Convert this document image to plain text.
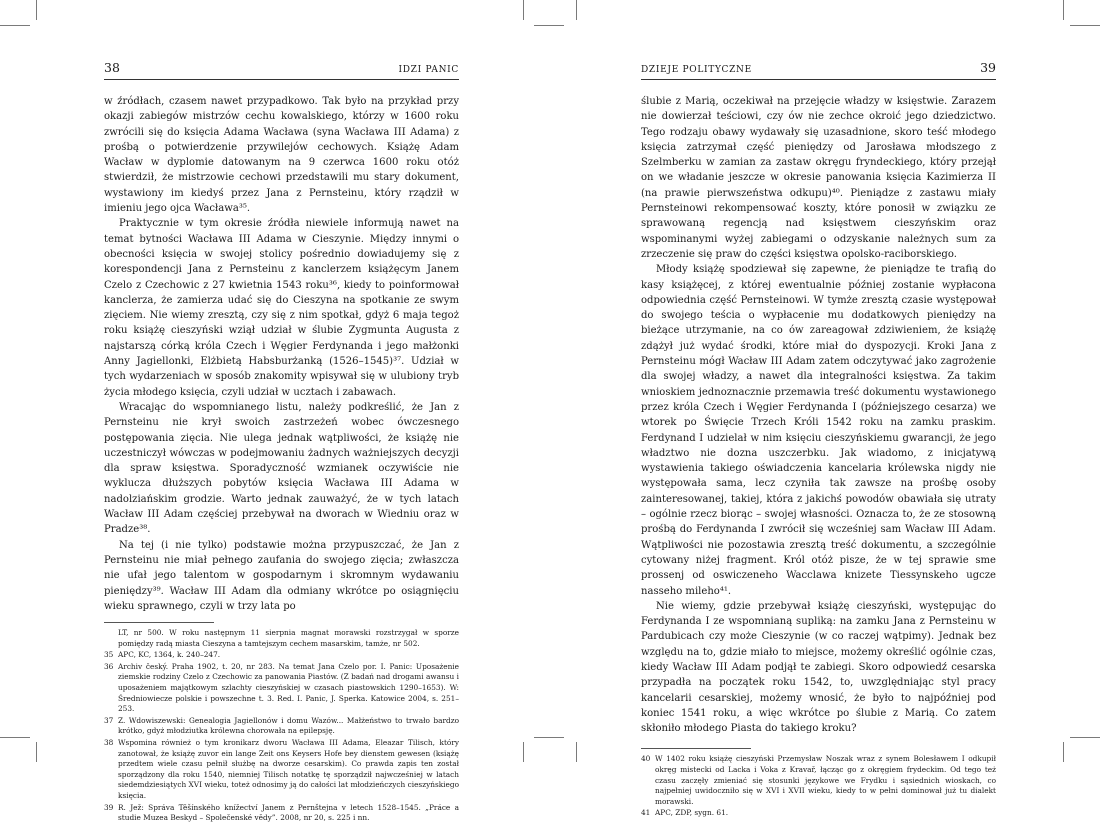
38	IDZI PANIC

w źródłach, czasem nawet przypadkowo. Tak było na przykład przy okazji zabiegów mistrzów cechu kowalskiego, którzy w 1600 roku zwrócili się do księcia Adama Wacława (syna Wacława III Adama) z prośbą o potwierdzenie przywilejów cechowych. Książę Adam Wacław w dyplomie datowanym na 9 czerwca 1600 roku otóż stwierdził, że mistrzowie cechowi przedstawili mu stary dokument, wystawiony im kiedyś przez Jana z Pernsteinu, który rządził w imieniu jego ojca Wacława³⁵.

Praktycznie w tym okresie źródła niewiele informują nawet na temat bytności Wacława III Adama w Cieszynie. Między innymi o obecności księcia w swojej stolicy pośrednio dowiadujemy się z korespondencji Jana z Pernsteinu z kanclerzem książęcym Janem Czelo z Czechowic z 27 kwietnia 1543 roku³⁶, kiedy to poinformował kanclerza, że zamierza udać się do Cieszyna na spotkanie ze swym zięciem. Nie wiemy zresztą, czy się z nim spotkał, gdyż 6 maja tegoż roku książę cieszyński wziął udział w ślubie Zygmunta Augusta z najstarszą córką króla Czech i Węgier Ferdynanda i jego małżonki Anny Jagiellonki, Elżbietą Habsburżanką (1526–1545)³⁷. Udział w tych wydarzeniach w sposób znakomity wpisywał się w ulubiony tryb życia młodego księcia, czyli udział w ucztach i zabawach.

Wracając do wspomnianego listu, należy podkreślić, że Jan z Pernsteinu nie krył swoich zastrzeżeń wobec ówczesnego postępowania zięcia. Nie ulega jednak wątpliwości, że książę nie uczestniczył wówczas w podejmowaniu żadnych ważniejszych decyzji dla spraw księstwa. Sporadyczność wzmianek oczywiście nie wyklucza dłuższych pobytów księcia Wacława III Adama w nadolziańskim grodzie. Warto jednak zauważyć, że w tych latach Wacław III Adam częściej przebywał na dworach w Wiedniu oraz w Pradze³⁸.

Na tej (i nie tylko) podstawie można przypuszczać, że Jan z Pernsteinu nie miał pełnego zaufania do swojego zięcia; zwłaszcza nie ufał jego talentom w gospodarnym i skromnym wydawaniu pieniędzy³⁹. Wacław III Adam dla odmiany wkrótce po osiągnięciu wieku sprawnego, czyli w trzy lata po

LT, nr 500. W roku następnym 11 sierpnia magnat morawski rozstrzygał w sporze pomiędzy radą miasta Cieszyna a tamtejszym cechem masarskim, tamże, nr 502.
35 APC, KC, 1364, k. 240–247.
36 Archiv český. Praha 1902, t. 20, nr 283. Na temat Jana Czelo por. I. Panic: Uposażenie ziemskie rodziny Czelo z Czechowic za panowania Piastów. (Z badań nad drogami awansu i uposażeniem majątkowym szlachty cieszyńskiej w czasach piastowskich 1290–1653). W: Średniowiecze polskie i powszechne t. 3. Red. I. Panic, J. Sperka. Katowice 2004, s. 251–253.
37 Z. Wdowiszewski: Genealogia Jagiellonów i domu Wazów... Małżeństwo to trwało bardzo krótko, gdyż młodziutka królewna chorowała na epilepsję.
38 Wspomina również o tym kronikarz dworu Wacława III Adama, Eleazar Tilisch, który zanotował, że książę zuvor ein lange Zeit ons Keysers Hofe bey dienstem gewesen (książę przedtem wiele czasu pełnił służbę na dworze cesarskim). Co prawda zapis ten został sporządzony dla roku 1540, niemniej Tilisch notatkę tę sporządził najwcześniej w latach siedemdziesiątych XVI wieku, toteż odnosimy ją do całości lat młodzieńczych cieszyńskiego księcia.
39 R. Jež: Správa Těšínského knížectví Janem z Pernštejna v letech 1528–1545. „Práce a studie Muzea Beskyd – Společenské vědy”. 2008, nr 20, s. 225 i nn.
DZIEJE POLITYCZNE	39

ślubie z Marią, oczekiwał na przejęcie władzy w księstwie. Zarazem nie dowierzał teściowi, czy ów nie zechce okroić jego dziedzictwo. Tego rodzaju obawy wydawały się uzasadnione, skoro teść młodego księcia zatrzymał część pieniędzy od Jarosława młodszego z Szelmberku w zamian za zastaw okręgu fryndeckiego, który przejął on we władanie jeszcze w okresie panowania księcia Kazimierza II (na prawie pierwszeństwa odkupu)⁴⁰. Pieniądze z zastawu miały Pernsteinowi rekompensować koszty, które ponosił w związku ze sprawowaną regencją nad księstwem cieszyńskim oraz wspominanymi wyżej zabiegami o odzyskanie należnych sum za zrzeczenie się praw do części księstwa opolsko-raciborskiego.

Młody książę spodziewał się zapewne, że pieniądze te trafią do kasy książęcej, z której ewentualnie później zostanie wypłacona odpowiednia część Pernsteinowi. W tymże zresztą czasie występował do swojego teścia o wypłacenie mu dodatkowych pieniędzy na bieżące utrzymanie, na co ów zareagował zdziwieniem, że książę zdążył już wydać środki, które miał do dyspozycji. Kroki Jana z Pernsteinu mógł Wacław III Adam zatem odczytywać jako zagrożenie dla swojej władzy, a nawet dla integralności księstwa. Za takim wnioskiem jednoznacznie przemawia treść dokumentu wystawionego przez króla Czech i Węgier Ferdynanda I (późniejszego cesarza) we wtorek po Święcie Trzech Króli 1542 roku na zamku praskim. Ferdynand I udzielał w nim księciu cieszyńskiemu gwarancji, że jego władztwo nie dozna uszczerbku. Jak wiadomo, z inicjatywą wystawienia takiego oświadczenia kancelaria królewska nigdy nie występowała sama, lecz czyniła tak zawsze na prośbę osoby zainteresowanej, takiej, która z jakichś powodów obawiała się utraty – ogólnie rzecz biorąc – swojej własności. Oznacza to, że ze stosowną prośbą do Ferdynanda I zwrócił się wcześniej sam Wacław III Adam. Wątpliwości nie pozostawia zresztą treść dokumentu, a szczególnie cytowany niżej fragment. Król otóż pisze, że w tej sprawie sme prossenj od oswiczeneho Wacclawa knizete Tiessynskeho ugcze nasseho mileho⁴¹.

Nie wiemy, gdzie przebywał książę cieszyński, występując do Ferdynanda I ze wspomnianą supliką: na zamku Jana z Pernsteinu w Pardubicach czy może Cieszynie (w co raczej wątpimy). Jednak bez względu na to, gdzie miało to miejsce, możemy określić ogólnie czas, kiedy Wacław III Adam podjął te zabiegi. Skoro odpowiedź cesarska przypadła na początek roku 1542, to, uwzględniając styl pracy kancelarii cesarskiej, możemy wnosić, że było to najpóźniej pod koniec 1541 roku, a więc wkrótce po ślubie z Marią. Co zatem skłoniło młodego Piasta do takiego kroku?

40 W 1402 roku książę cieszyński Przemysław Noszak wraz z synem Bolesławem I odkupił okręg mistecki od Lacka i Voka z Kravař, łącząc go z okręgiem frydeckim. Od tego też czasu zaczęły zmieniać się stosunki językowe we Frydku i sąsiednich wioskach, co najpełniej uwidoczniło się w XVI i XVII wieku, kiedy to w pełni dominował już tu dialekt morawski.
41 APC, ZDP, sygn. 61.
